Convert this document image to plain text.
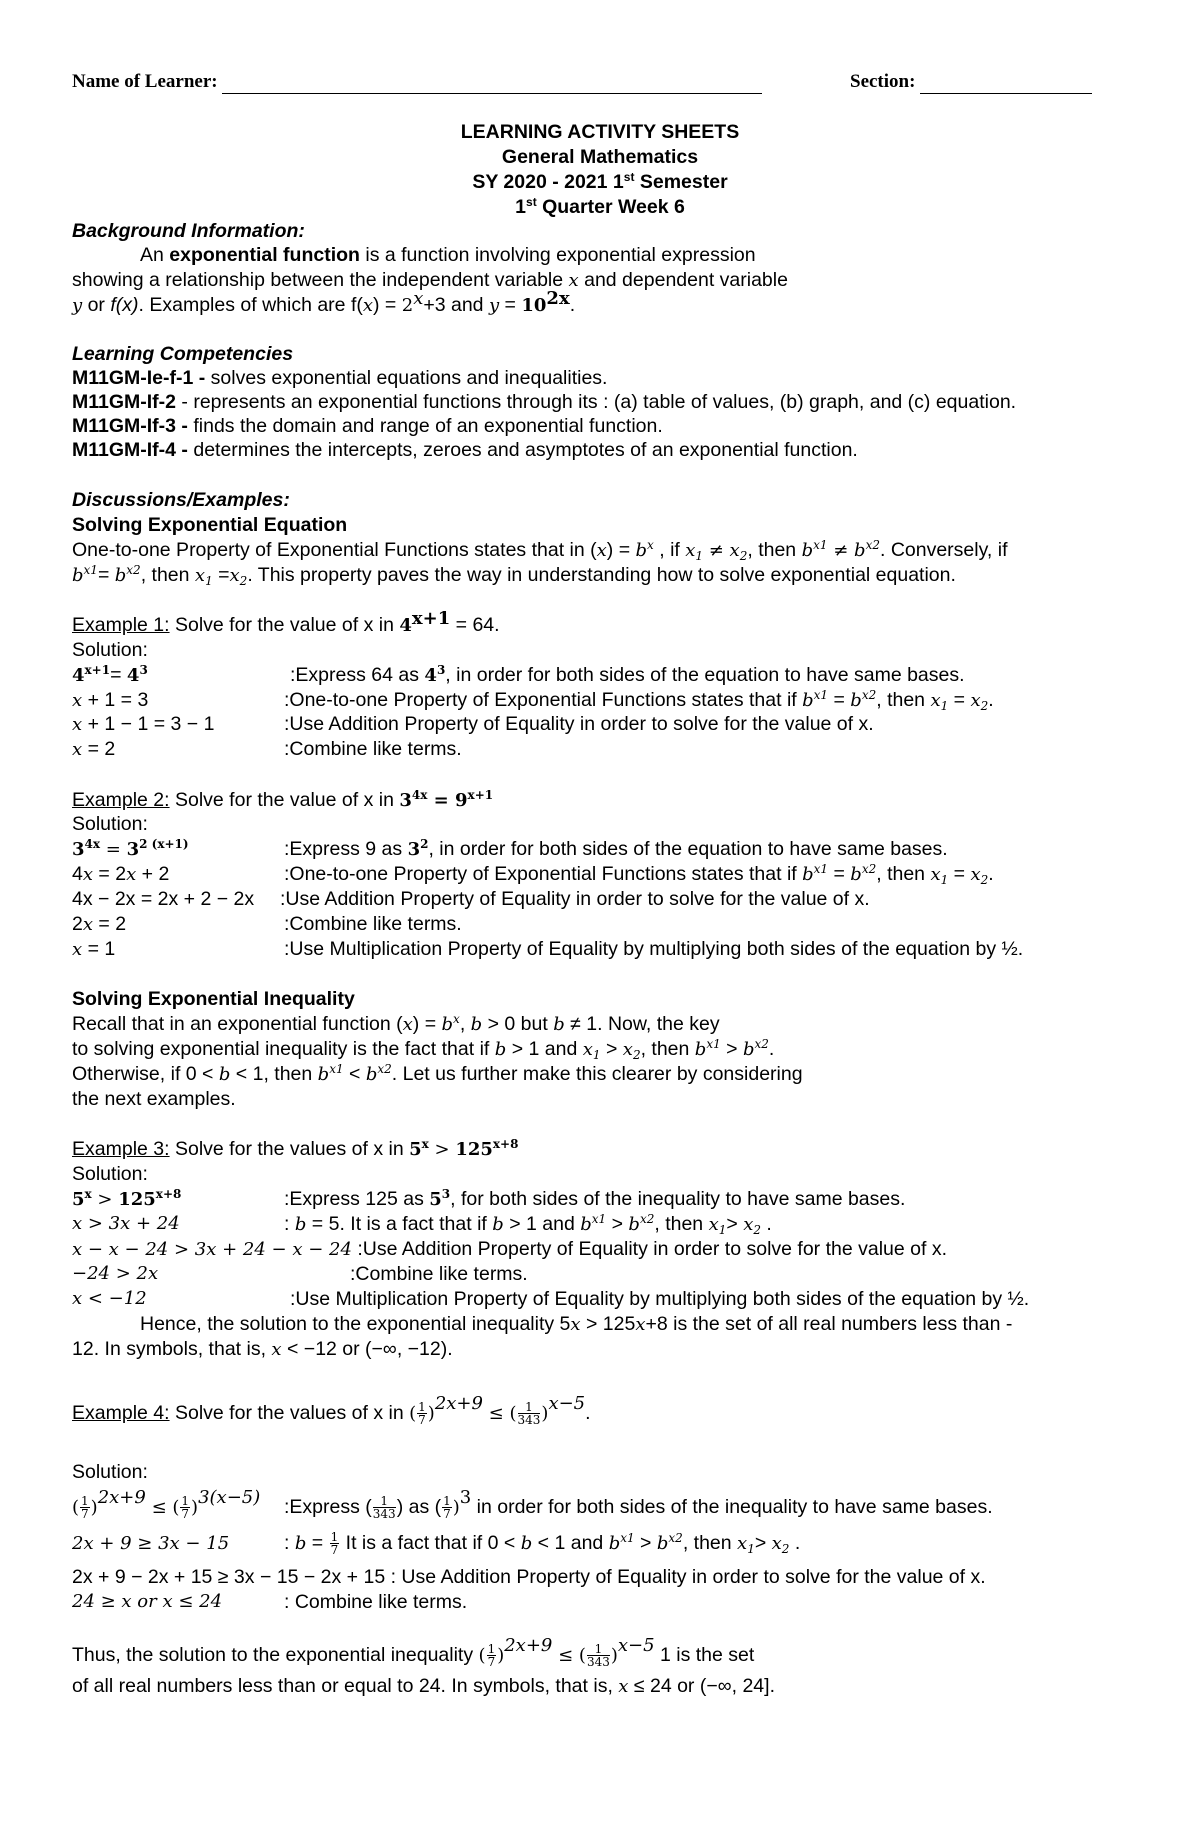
Name of Learner:	Section:
LEARNING ACTIVITY SHEETS
General Mathematics
SY 2020 - 2021 1st Semester
1st Quarter Week 6
Background Information:
An exponential function is a function involving exponential expression
showing a relationship between the independent variable x and dependent variable
y or f(x). Examples of which are $f(x) = 2^x+3$ and $y = 10^{2x}$.
Learning Competencies
M11GM-Ie-f-1 - solves exponential equations and inequalities.
M11GM-If-2 - represents an exponential functions through its : (a) table of values, (b) graph, and (c) equation.
M11GM-If-3 - finds the domain and range of an exponential function.
M11GM-If-4 - determines the intercepts, zeroes and asymptotes of an exponential function.
Discussions/Examples:
Solving Exponential Equation
One-to-one Property of Exponential Functions states that in $(x) = b^x$ , if $x_1 \ne x_2$, then $b^{x1} \ne b^{x2}$. Conversely, if
$b^{x1}= b^{x2}$, then $x_1 =x_2$. This property paves the way in understanding how to solve exponential equation.
Example 1: Solve for the value of x in $4^{x+1} = 64$.
Solution:
$4^{x+1}= 4^3$	:Express 64 as $4^3$, in order for both sides of the equation to have same bases.
x + 1 = 3	:One-to-one Property of Exponential Functions states that if $b^{x1} = b^{x2}$, then $x_1 = x_2$.
x + 1 − 1 = 3 − 1	:Use Addition Property of Equality in order to solve for the value of x.
x = 2	:Combine like terms.
Example 2: Solve for the value of x in $3^{4x} = 9^{x+1}$
Solution:
$3^{4x} = 3^{2 (x+1)}$	:Express 9 as $3^2$, in order for both sides of the equation to have same bases.
4x = 2x + 2	:One-to-one Property of Exponential Functions states that if $b^{x1} = b^{x2}$, then $x_1 = x_2$.
4x − 2x = 2x + 2 − 2x :Use Addition Property of Equality in order to solve for the value of x.
2x = 2	:Combine like terms.
x = 1	:Use Multiplication Property of Equality by multiplying both sides of the equation by ½.
Solving Exponential Inequality
Recall that in an exponential function $(x) = b^x$, b > 0 but b ≠ 1. Now, the key
to solving exponential inequality is the fact that if b > 1 and $x_1 > x_2$, then $b^{x1} > b^{x2}$.
Otherwise, if 0 < b < 1, then $b^{x1} < b^{x2}$. Let us further make this clearer by considering
the next examples.
Example 3: Solve for the values of x in $5^x > 125^{x+8}$
Solution:
$5^x > 125^{x+8}$	:Express 125 as $5^3$, for both sides of the inequality to have same bases.
x > 3x + 24	: b = 5. It is a fact that if b > 1 and $b^{x1} > b^{x2}$, then $x_1> x_2$ .
x − x − 24 > 3x + 24 − x − 24 :Use Addition Property of Equality in order to solve for the value of x.
−24 > 2x	:Combine like terms.
x < −12	:Use Multiplication Property of Equality by multiplying both sides of the equation by ½.
Hence, the solution to the exponential inequality 5x > 125x+8 is the set of all real numbers less than -
12. In symbols, that is, x < −12 or (−∞, −12).
Example 4: Solve for the values of x in ( $\frac{1}{7} )^{2x+9}$ ≤ ( $\frac{1}{343} )^{x-5}$.
Solution:
( $\frac{1}{7} )^{2x+9}$ ≤ ( $\frac{1}{7} )^{3(x-5)}$ :Express ( $\frac{1}{343}$ ) as ( $\frac{1}{7} )^3$ in order for both sides of the inequality to have same bases.
2x + 9 ≥ 3x − 15	: $b = \frac{1}{7}$ It is a fact that if 0 < b < 1 and $b^{x1} > b^{x2}$, then $x_1> x_2$ .
2x + 9 − 2x + 15 ≥ 3x − 15 − 2x + 15 : Use Addition Property of Equality in order to solve for the value of x.
24 ≥ x or x ≤ 24	: Combine like terms.
Thus, the solution to the exponential inequality ( $\frac{1}{7} )^{2x+9}$ ≤ ( $\frac{1}{343} )^{x-5}$ 1 is the set
of all real numbers less than or equal to 24. In symbols, that is, x ≤ 24 or (−∞, 24].
